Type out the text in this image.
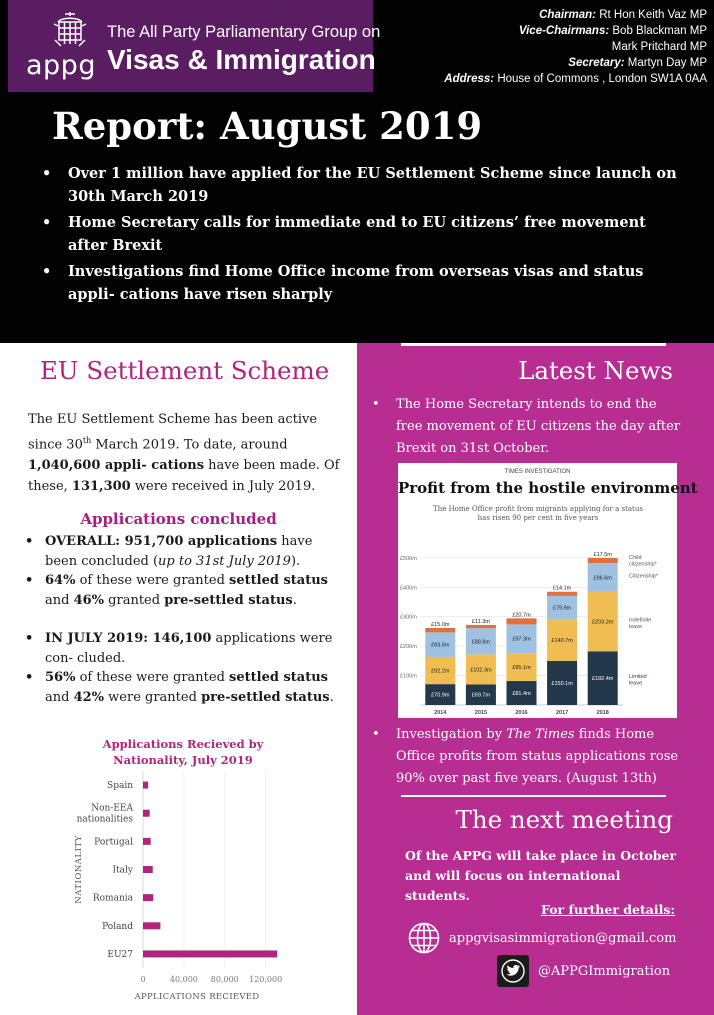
appg
The All Party Parliamentary Group on
Visas & Immigration
Chairman: Rt Hon Keith Vaz MP
Vice-Chairmans: Bob Blackman MP
Mark Pritchard MP
Secretary: Martyn Day MP
Address: House of Commons , London SW1A 0AA
Report: August 2019
• Over 1 million have applied for the EU Settlement Scheme since launch on 30th March 2019
• Home Secretary calls for immediate end to EU citizens’ free movement after Brexit
• Investigations find Home Office income from overseas visas and status appli- cations have risen sharply
EU Settlement Scheme

The EU Settlement Scheme has been active since 30th March 2019. To date, around 1,040,600 appli- cations have been made. Of these, 131,300 were received in July 2019.

Applications concluded
• OVERALL: 951,700 applications have been concluded (up to 31st July 2019).
• 64% of these were granted settled status and 46% granted pre-settled status.
• IN JULY 2019: 146,100 applications were con- cluded.
• 56% of these were granted settled status and 42% were granted pre-settled status.
Applications Recieved by
Nationality, July 2019
0	40,000 80,000 120,000
Spain
Non-EEA
nationalities
Portugal
Italy
Romania
Poland
EU27
NATIONALITY
APPLICATIONS RECIEVED
Latest News
• The Home Secretary intends to end the free movement of EU citizens the day after Brexit on 31st October.
TIMES INVESTIGATION
Profit from the hostile environment
The Home Office profit from migrants applying for a status has risen 90 per cent in five years
£100m
£200m
£300m
£400m
£500m
£70.9m
£92.2m
£83.6m
£15.0m
2014
£69.7m
£102.3m
£88.8m
£11.3m
2015
£81.4m
£95.1m
£97.3m
£20.7m
2016
£150.1m
£140.7m
£79.9m
£14.1m
2017
£182.4m
£203.2m
£96.6m
£17.5m
2018
Child
citizenship*
Citizenship*
Indefinite
leave
Limited
leave
• Investigation by The Times finds Home Office profits from status applications rose 90% over past five years. (August 13th)
The next meeting
Of the APPG will take place in October and will focus on international students.
For further details:
appgvisasimmigration@gmail.com
@APPGImmigration
